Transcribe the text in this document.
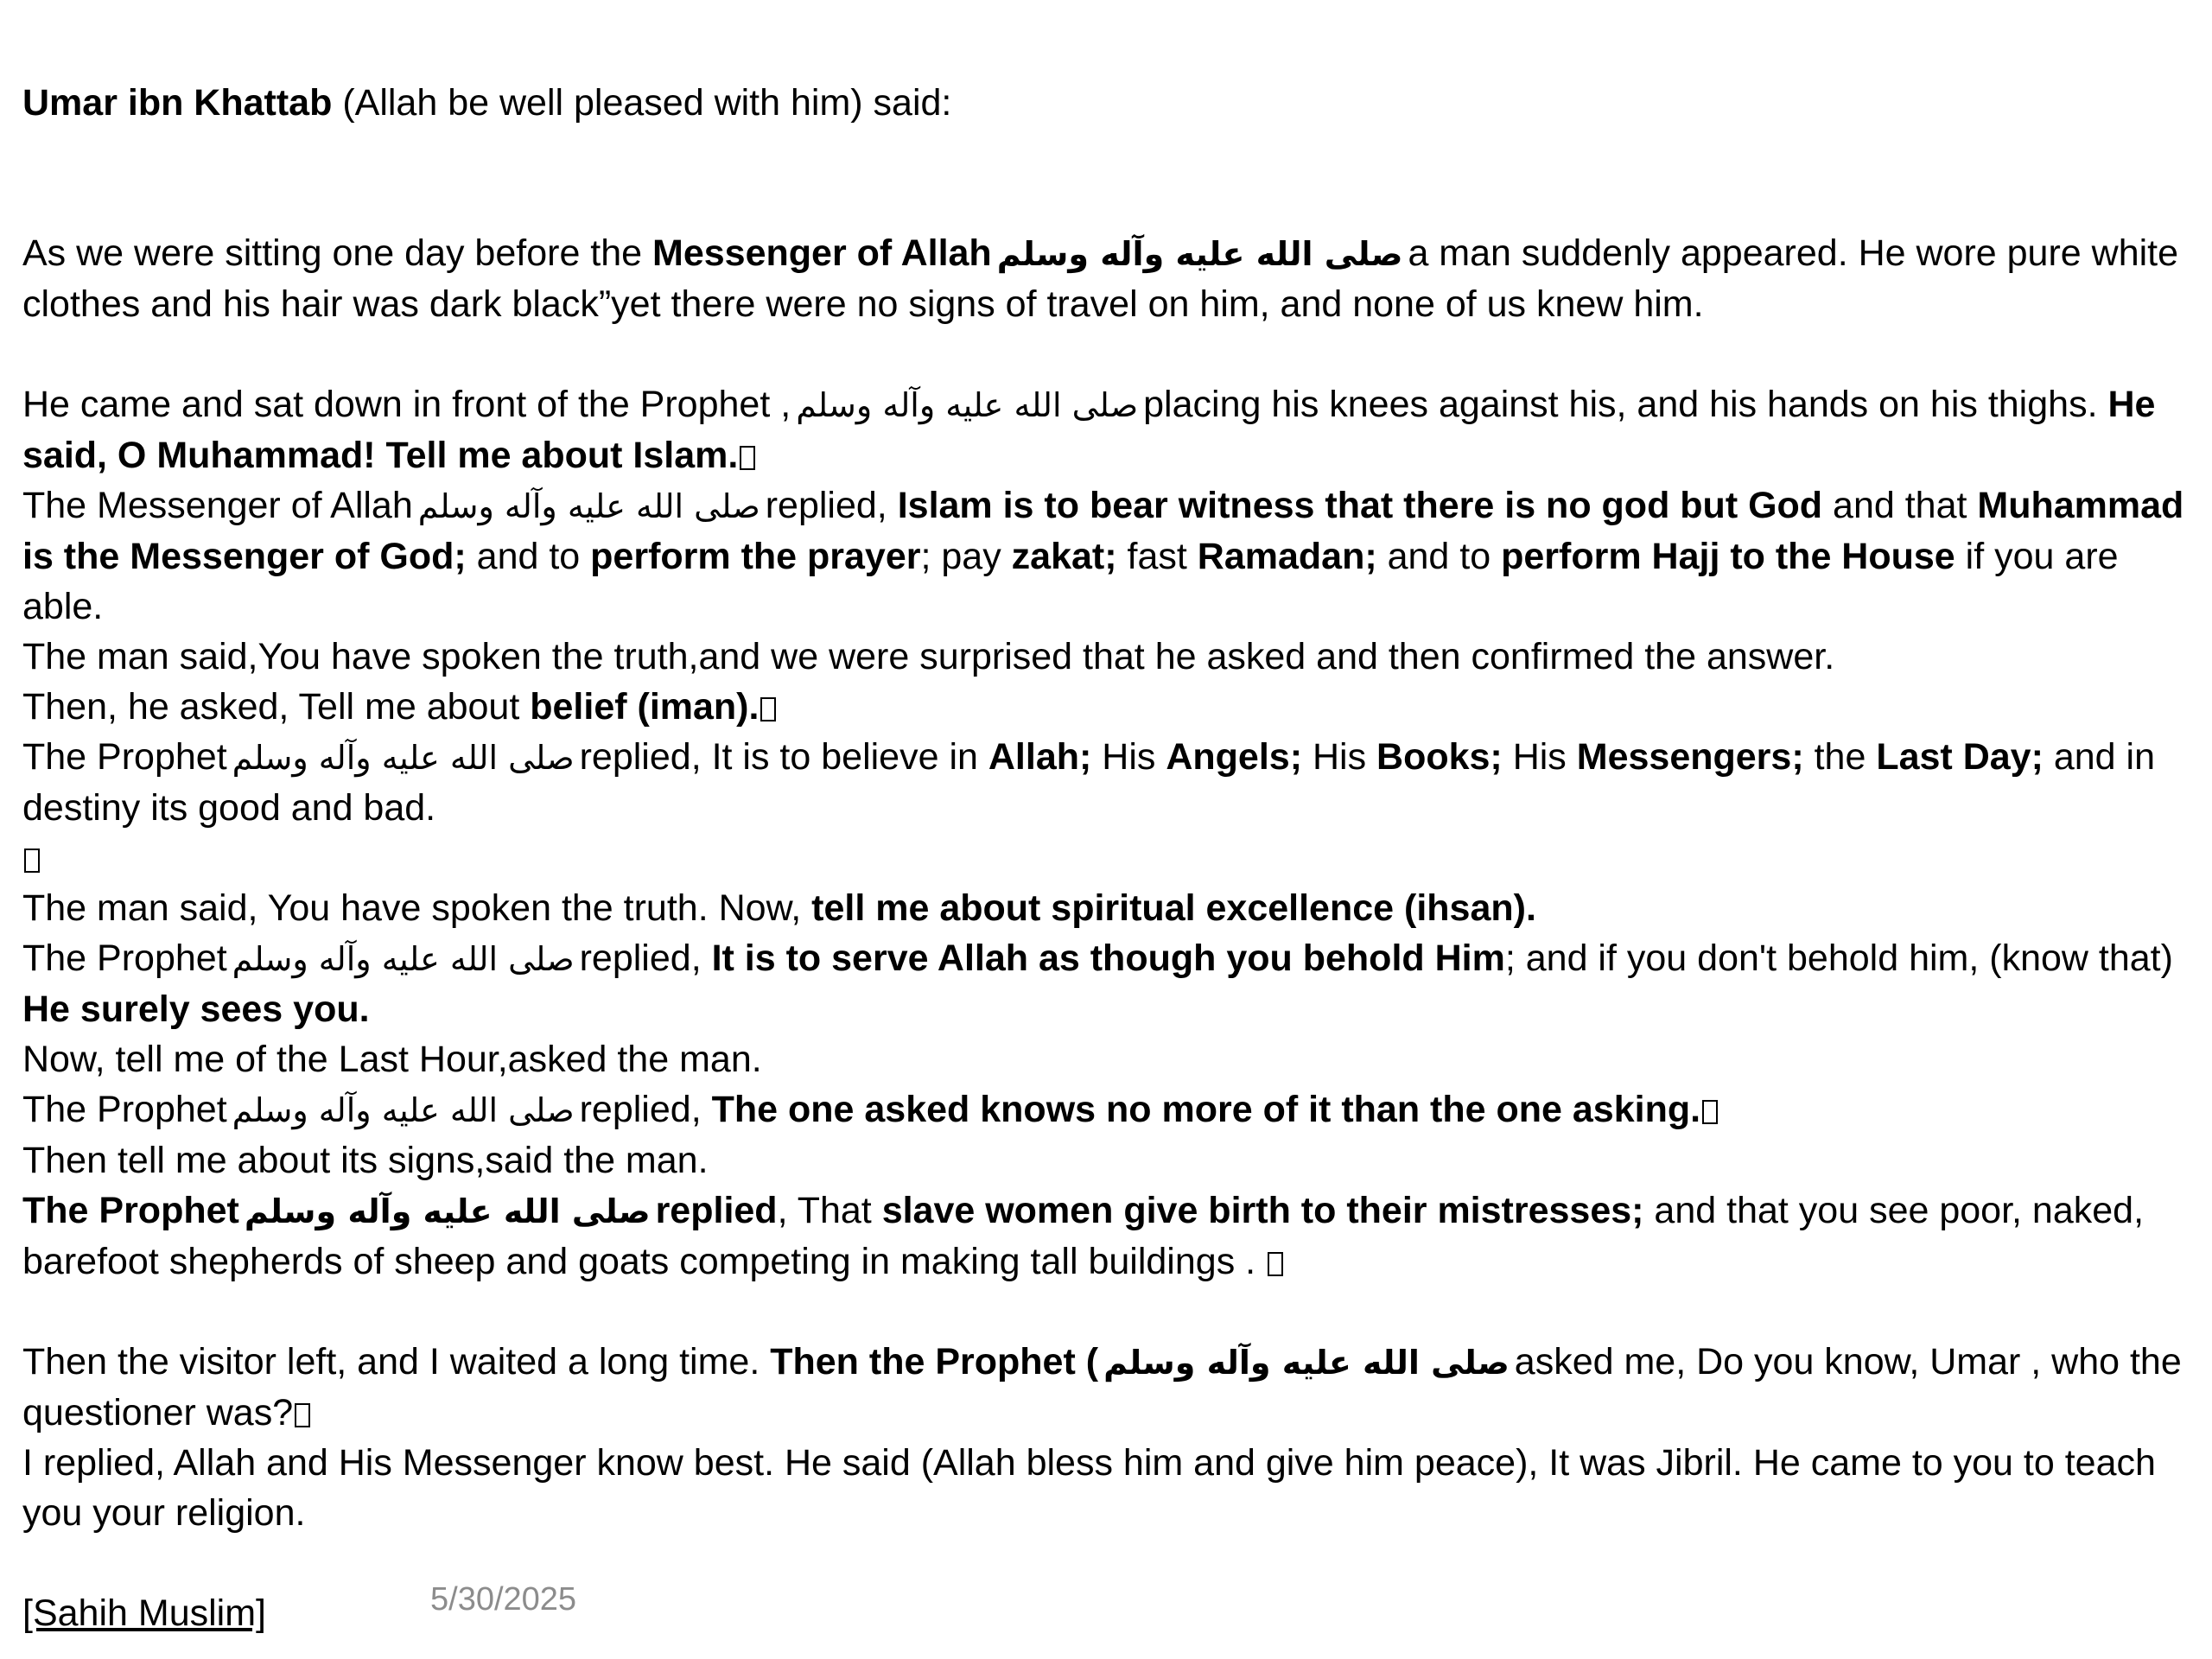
Umar ibn Khattab (Allah be well pleased with him) said:

As we were sitting one day before the Messenger of Allah صلى الله عليه وآله وسلم a man suddenly appeared. He wore pure white clothes and his hair was dark black”yet there were no signs of travel on him, and none of us knew him.

He came and sat down in front of the Prophet , صلى الله عليه وآله وسلم placing his knees against his, and his hands on his thighs. He said, O Muhammad! Tell me about Islam.

The Messenger of Allah صلى الله عليه وآله وسلم replied, Islam is to bear witness that there is no god but God and that Muhammad is the Messenger of God; and to perform the prayer; pay zakat; fast Ramadan; and to perform Hajj to the House if you are able.

The man said,You have spoken the truth,and we were surprised that he asked and then confirmed the answer.

Then, he asked, Tell me about belief (iman).

The Prophet صلى الله عليه وآله وسلم replied, It is to believe in Allah; His Angels; His Books; His Messengers; the Last Day; and in destiny its good and bad.

The man said, You have spoken the truth. Now, tell me about spiritual excellence (ihsan).

The Prophet صلى الله عليه وآله وسلم replied, It is to serve Allah as though you behold Him; and if you don't behold him, (know that) He surely sees you.

Now, tell me of the Last Hour,asked the man.

The Prophet صلى الله عليه وآله وسلم replied, The one asked knows no more of it than the one asking.

Then tell me about its signs,said the man.

The Prophet صلى الله عليه وآله وسلم replied, That slave women give birth to their mistresses; and that you see poor, naked, barefoot shepherds of sheep and goats competing in making tall buildings .

Then the visitor left, and I waited a long time. Then the Prophet ( صلى الله عليه وآله وسلم asked me, Do you know, Umar , who the questioner was?

I replied, Allah and His Messenger know best. He said (Allah bless him and give him peace), It was Jibril. He came to you to teach you your religion.

[Sahih Muslim]	5/30/2025
